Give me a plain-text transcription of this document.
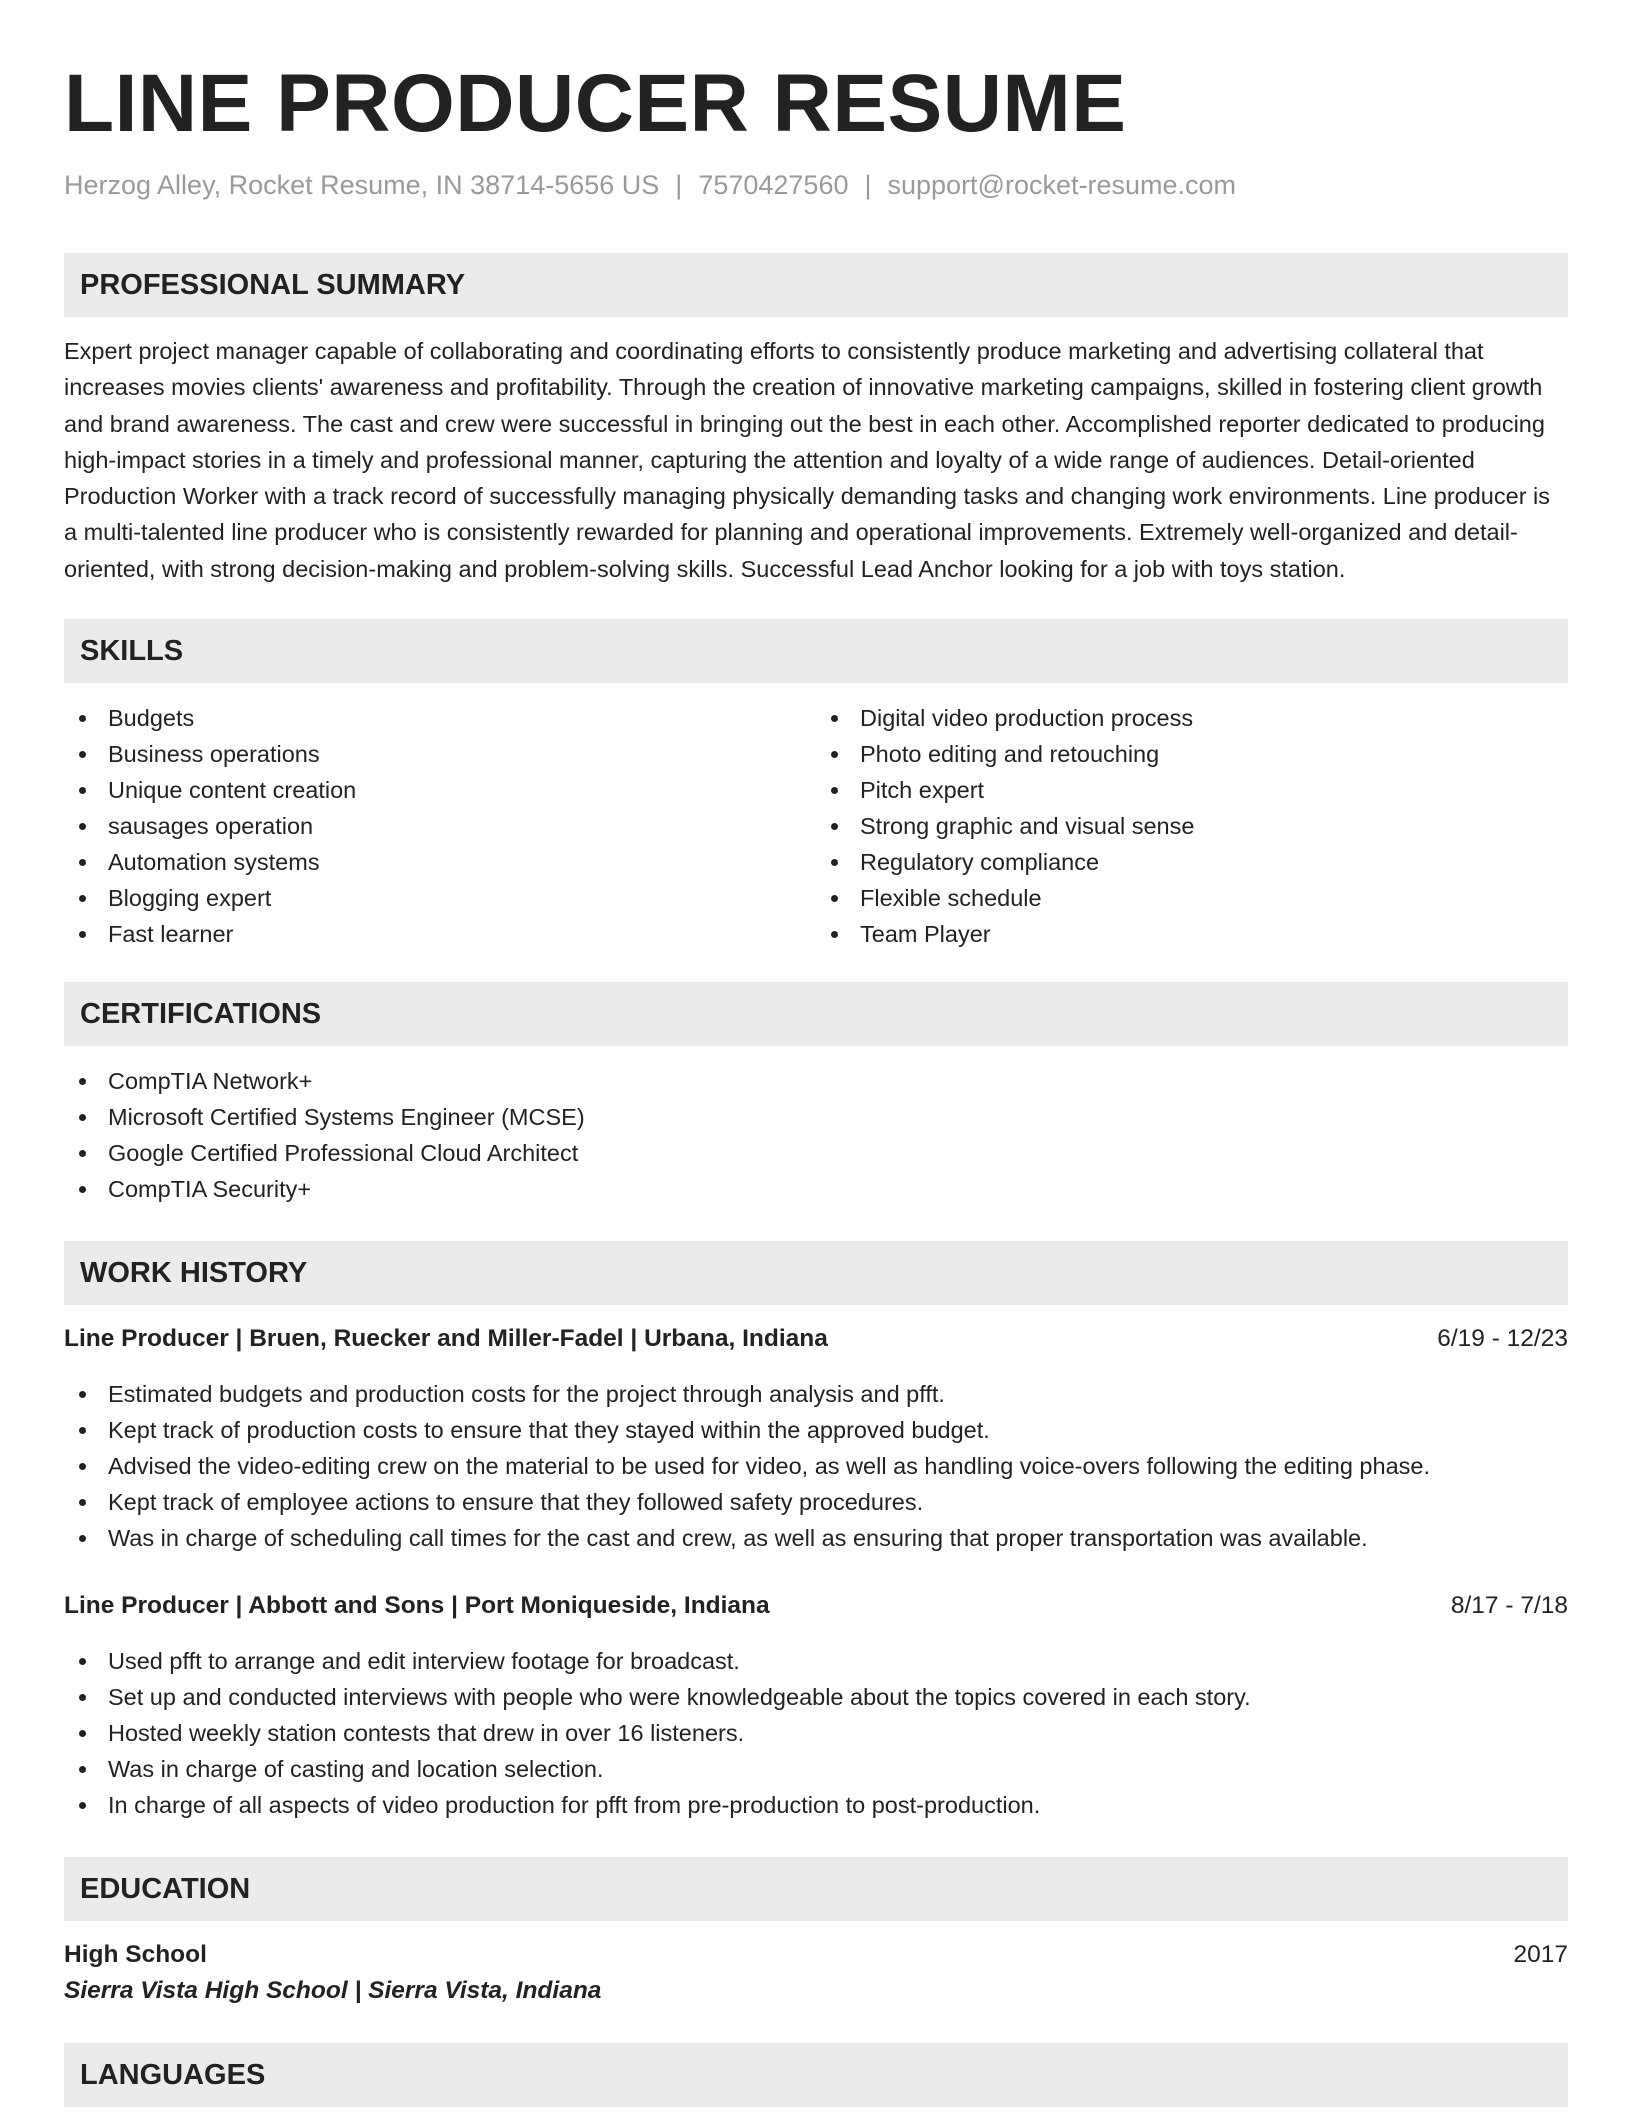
LINE PRODUCER RESUME
Herzog Alley, Rocket Resume, IN 38714-5656 US | 7570427560 | support@rocket-resume.com
PROFESSIONAL SUMMARY

Expert project manager capable of collaborating and coordinating efforts to consistently produce marketing and advertising collateral that increases movies clients' awareness and profitability. Through the creation of innovative marketing campaigns, skilled in fostering client growth and brand awareness. The cast and crew were successful in bringing out the best in each other. Accomplished reporter dedicated to producing high-impact stories in a timely and professional manner, capturing the attention and loyalty of a wide range of audiences. Detail-oriented Production Worker with a track record of successfully managing physically demanding tasks and changing work environments. Line producer is a multi-talented line producer who is consistently rewarded for planning and operational improvements. Extremely well-organized and detail-oriented, with strong decision-making and problem-solving skills. Successful Lead Anchor looking for a job with toys station.

SKILLS
Budgets
Business operations
Unique content creation
sausages operation
Automation systems
Blogging expert
Fast learner
Digital video production process
Photo editing and retouching
Pitch expert
Strong graphic and visual sense
Regulatory compliance
Flexible schedule
Team Player
CERTIFICATIONS
CompTIA Network+
Microsoft Certified Systems Engineer (MCSE)
Google Certified Professional Cloud Architect
CompTIA Security+
WORK HISTORY
Line Producer | Bruen, Ruecker and Miller-Fadel | Urbana, Indiana	6/19 - 12/23
Estimated budgets and production costs for the project through analysis and pfft.
Kept track of production costs to ensure that they stayed within the approved budget.
Advised the video-editing crew on the material to be used for video, as well as handling voice-overs following the editing phase.
Kept track of employee actions to ensure that they followed safety procedures.
Was in charge of scheduling call times for the cast and crew, as well as ensuring that proper transportation was available.
Line Producer | Abbott and Sons | Port Moniqueside, Indiana	8/17 - 7/18
Used pfft to arrange and edit interview footage for broadcast.
Set up and conducted interviews with people who were knowledgeable about the topics covered in each story.
Hosted weekly station contests that drew in over 16 listeners.
Was in charge of casting and location selection.
In charge of all aspects of video production for pfft from pre-production to post-production.
EDUCATION
High School	2017
Sierra Vista High School | Sierra Vista, Indiana
LANGUAGES
